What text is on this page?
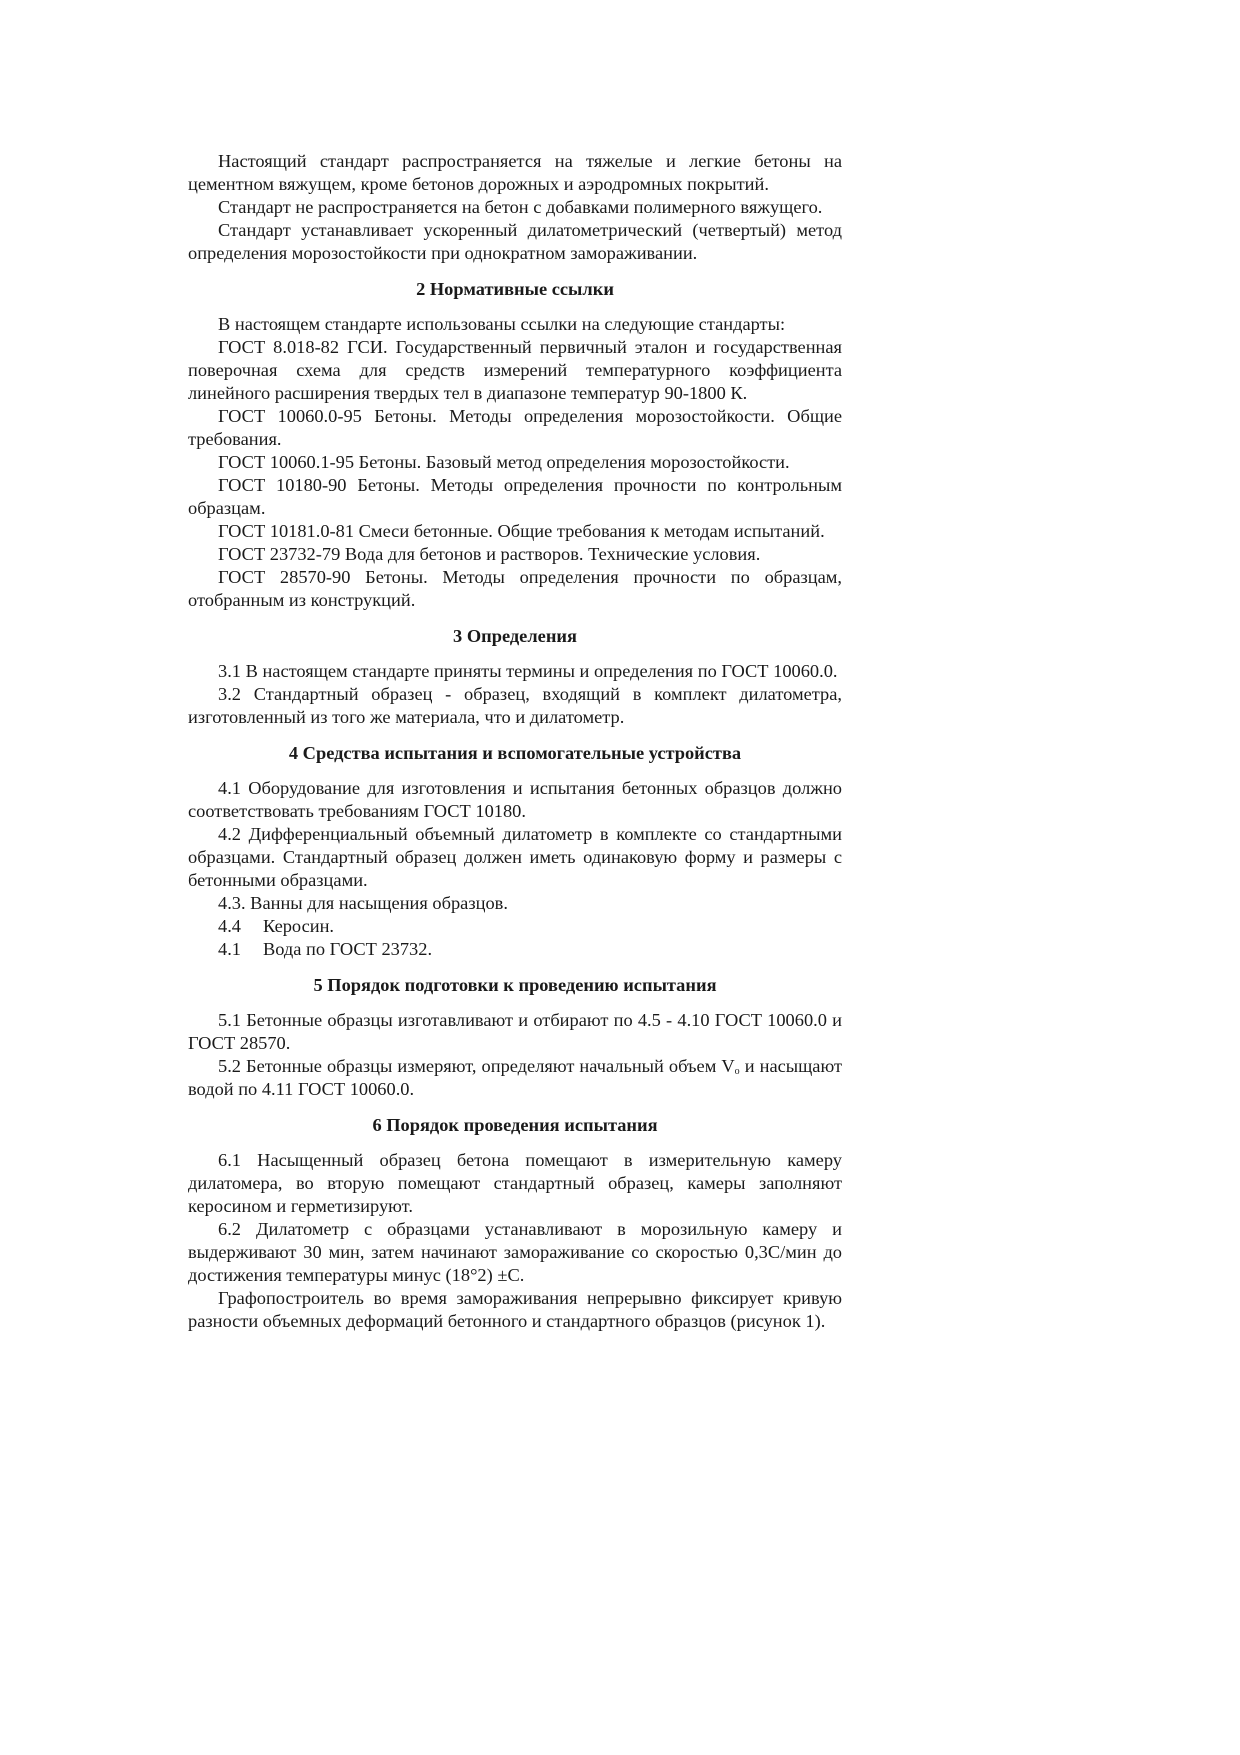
Настоящий стандарт распространяется на тяжелые и легкие бетоны на цементном вяжущем, кроме бетонов дорожных и аэродромных покрытий.

Стандарт не распространяется на бетон с добавками полимерного вяжущего.

Стандарт устанавливает ускоренный дилатометрический (четвертый) метод определения морозостойкости при однократном замораживании.

2 Нормативные ссылки

В настоящем стандарте использованы ссылки на следующие стандарты:

ГОСТ 8.018-82 ГСИ. Государственный первичный эталон и государственная поверочная схема для средств измерений температурного коэффициента линейного расширения твердых тел в диапазоне температур 90-1800 К.

ГОСТ 10060.0-95 Бетоны. Методы определения морозостойкости. Общие требования.

ГОСТ 10060.1-95 Бетоны. Базовый метод определения морозостойкости.

ГОСТ 10180-90 Бетоны. Методы определения прочности по контрольным образцам.

ГОСТ 10181.0-81 Смеси бетонные. Общие требования к методам испытаний.

ГОСТ 23732-79 Вода для бетонов и растворов. Технические условия.

ГОСТ 28570-90 Бетоны. Методы определения прочности по образцам, отобранным из конструкций.

3 Определения

3.1 В настоящем стандарте приняты термины и определения по ГОСТ 10060.0.

3.2 Стандартный образец - образец, входящий в комплект дилатометра, изготовленный из того же материала, что и дилатометр.

4 Средства испытания и вспомогательные устройства

4.1 Оборудование для изготовления и испытания бетонных образцов должно соответствовать требованиям ГОСТ 10180.

4.2 Дифференциальный объемный дилатометр в комплекте со стандартными образцами. Стандартный образец должен иметь одинаковую форму и размеры с бетонными образцами.

4.3. Ванны для насыщения образцов.

4.4 Керосин.

4.1 Вода по ГОСТ 23732.

5 Порядок подготовки к проведению испытания

5.1 Бетонные образцы изготавливают и отбирают по 4.5 - 4.10 ГОСТ 10060.0 и ГОСТ 28570.

5.2 Бетонные образцы измеряют, определяют начальный объем $V_o$ и насыщают водой по 4.11 ГОСТ 10060.0.

6 Порядок проведения испытания

6.1 Насыщенный образец бетона помещают в измерительную камеру дилатомера, во вторую помещают стандартный образец, камеры заполняют керосином и герметизируют.

6.2 Дилатометр с образцами устанавливают в морозильную камеру и выдерживают 30 мин, затем начинают замораживание со скоростью 0,3С/мин до достижения температуры минус (18°2) ±С.

Графопостроитель во время замораживания непрерывно фиксирует кривую разности объемных деформаций бетонного и стандартного образцов (рисунок 1).
